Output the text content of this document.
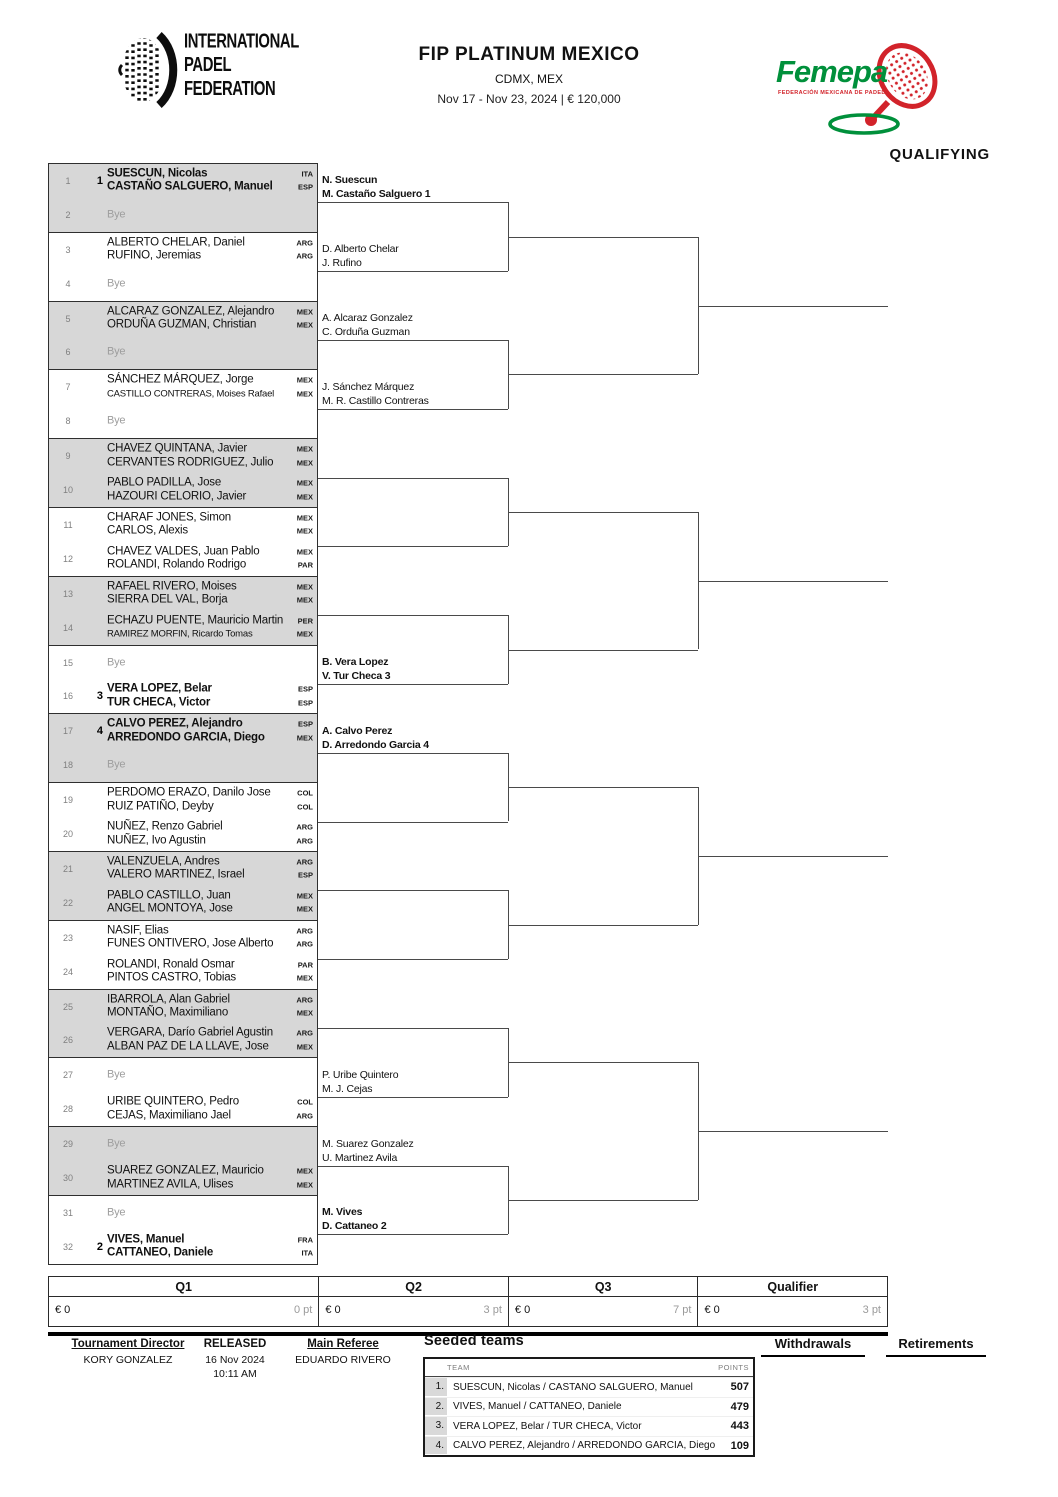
INTERNATIONAL
PADEL
FEDERATION
FIP PLATINUM MEXICO
CDMX, MEX
Nov 17 - Nov 23, 2024 | € 120,000
Femepa
FEDERACIÓN MEXICANA DE PADEL
QUALIFYING
1	1
SUESCUN, Nicolas	ITA
CASTAÑO SALGUERO, Manuel	ESP
2	Bye
3
ALBERTO CHELAR, Daniel	ARG
RUFINO, Jeremias	ARG
4	Bye
5
ALCARAZ GONZALEZ, Alejandro	MEX
ORDUÑA GUZMAN, Christian	MEX
6	Bye
7
SÁNCHEZ MÁRQUEZ, Jorge	MEX
CASTILLO CONTRERAS, Moises Rafael	MEX
8	Bye
9
CHAVEZ QUINTANA, Javier	MEX
CERVANTES RODRIGUEZ, Julio	MEX
10
PABLO PADILLA, Jose	MEX
HAZOURI CELORIO, Javier	MEX
11
CHARAF JONES, Simon	MEX
CARLOS, Alexis	MEX
12
CHAVEZ VALDES, Juan Pablo	MEX
ROLANDI, Rolando Rodrigo	PAR
13
RAFAEL RIVERO, Moises	MEX
SIERRA DEL VAL, Borja	MEX
14
ECHAZU PUENTE, Mauricio Martin PER
RAMIREZ MORFIN, Ricardo Tomas	MEX
15	Bye
16	3
VERA LOPEZ, Belar	ESP
TUR CHECA, Victor	ESP
17	4
CALVO PEREZ, Alejandro	ESP
ARREDONDO GARCIA, Diego	MEX
18	Bye
19
PERDOMO ERAZO, Danilo Jose	COL
RUIZ PATIÑO, Deyby	COL
20
NUÑEZ, Renzo Gabriel	ARG
NUÑEZ, Ivo Agustin	ARG
21
VALENZUELA, Andres	ARG
VALERO MARTINEZ, Israel	ESP
22
PABLO CASTILLO, Juan	MEX
ANGEL MONTOYA, Jose	MEX
23
NASIF, Elias	ARG
FUNES ONTIVERO, Jose Alberto	ARG
24
ROLANDI, Ronald Osmar	PAR
PINTOS CASTRO, Tobias	MEX
25
IBARROLA, Alan Gabriel	ARG
MONTAÑO, Maximiliano	MEX
26
VERGARA, Darío Gabriel Agustin	ARG
ALBAN PAZ DE LA LLAVE, Jose	MEX
27	Bye
28
URIBE QUINTERO, Pedro	COL
CEJAS, Maximiliano Jael	ARG
29	Bye
30
SUAREZ GONZALEZ, Mauricio	MEX
MARTINEZ AVILA, Ulises	MEX
31	Bye
32	2
VIVES, Manuel	FRA
CATTANEO, Daniele	ITA
N. Suescun
M. Castaño Salguero 1
D. Alberto Chelar
J. Rufino
A. Alcaraz Gonzalez
C. Orduña Guzman
J. Sánchez Márquez
M. R. Castillo Contreras
B. Vera Lopez
V. Tur Checa 3
A. Calvo Perez
D. Arredondo Garcia 4
P. Uribe Quintero
M. J. Cejas
M. Suarez Gonzalez
U. Martinez Avila
M. Vives
D. Cattaneo 2
Q1
€ 0	0 pt
Q2
€ 0	3 pt
Q3
€ 0	7 pt
Qualifier
€ 0	3 pt
Tournament Director
KORY GONZALEZ
RELEASED
16 Nov 2024
10:11 AM
Main Referee
EDUARDO RIVERO
Seeded teams
TEAM	POINTS
1. SUESCUN, Nicolas / CASTAÑO SALGUERO, Manuel	507
2. VIVES, Manuel / CATTANEO, Daniele	479
3. VERA LOPEZ, Belar / TUR CHECA, Victor	443
4. CALVO PEREZ, Alejandro / ARREDONDO GARCIA, Diego	109
Withdrawals	Retirements
